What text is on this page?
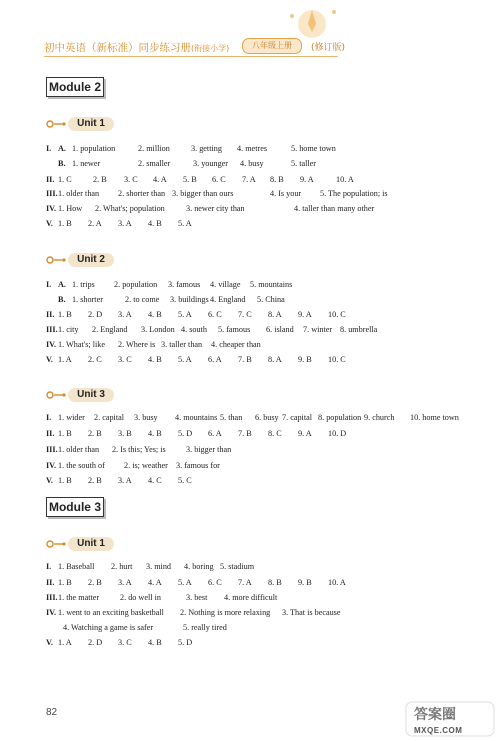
初中英语（新标准）同步练习册(衔接小学)	八年级上册	(修订版)
Module 2
Unit 1
I. A. 1. population	2. million	3. getting 4. metres	5. home town
B. 1. newer	2. smaller	3. younger 4. busy	5. taller
II. 1. C	2. B 3. C 4. A 5. B 6. C 7. A 8. B 9. A	10. A
III. 1. older than 2. shorter than 3. bigger than ours	4. Is your 5. The population; is
IV. 1. How 2. What's; population	3. newer city than	4. taller than many other
V. 1. B 2. A 3. A 4. B 5. A
Unit 2
I. A. 1. trips 2. population 3. famous 4. village 5. mountains
B. 1. shorter	2. to come 3. buildings 4. England 5. China
II. 1. B 2. D 3. A 4. B 5. A 6. C 7. C 8. A 9. A 10. C
III. 1. city 2. England 3. London 4. south 5. famous 6. island 7. winter 8. umbrella
IV. 1. What's; like 2. Where is 3. taller than 4. cheaper than
V. 1. A 2. C 3. C 4. B 5. A 6. A 7. B 8. A 9. B 10. C
Unit 3
I. 1. wider 2. capital 3. busy 4. mountains 5. than 6. busy 7. capital 8. population 9. church 10. home town
II. 1. B 2. B 3. B 4. B 5. D 6. A 7. B 8. C 9. A 10. D
III. 1. older than 2. Is this; Yes; is 3. bigger than
IV. 1. the south of 2. is; weather 3. famous for
V. 1. B 2. B 3. A 4. C 5. C
Module 3
Unit 1
I. 1. Baseball 2. hurt 3. mind 4. boring 5. stadium
II. 1. B 2. B 3. A 4. A 5. A 6. C 7. A 8. B 9. B 10. A
III. 1. the matter	2. do well in	3. best 4. more difficult
IV. 1. went to an exciting basketball 2. Nothing is more relaxing 3. That is because
4. Watching a game is safer	5. really tired
V. 1. A 2. D 3. C 4. B 5. D
82	答案圈
MXQE.COM
